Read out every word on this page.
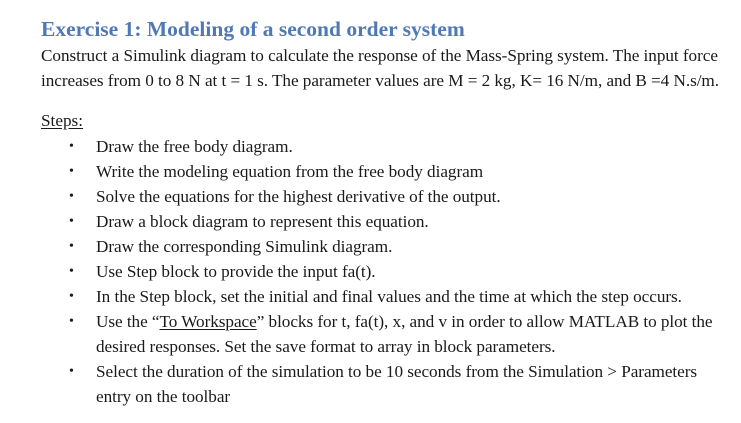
Exercise 1: Modeling of a second order system

Construct a Simulink diagram to calculate the response of the Mass-Spring system. The input force increases from 0 to 8 N at t = 1 s. The parameter values are M = 2 kg, K= 16 N/m, and B =4 N.s/m.

Steps:

• Draw the free body diagram.
• Write the modeling equation from the free body diagram
• Solve the equations for the highest derivative of the output.
• Draw a block diagram to represent this equation.
• Draw the corresponding Simulink diagram.
• Use Step block to provide the input fa(t).
• In the Step block, set the initial and final values and the time at which the step occurs.
• Use the “To Workspace” blocks for t, fa(t), x, and v in order to allow MATLAB to plot the desired responses. Set the save format to array in block parameters.
• Select the duration of the simulation to be 10 seconds from the Simulation > Parameters entry on the toolbar
